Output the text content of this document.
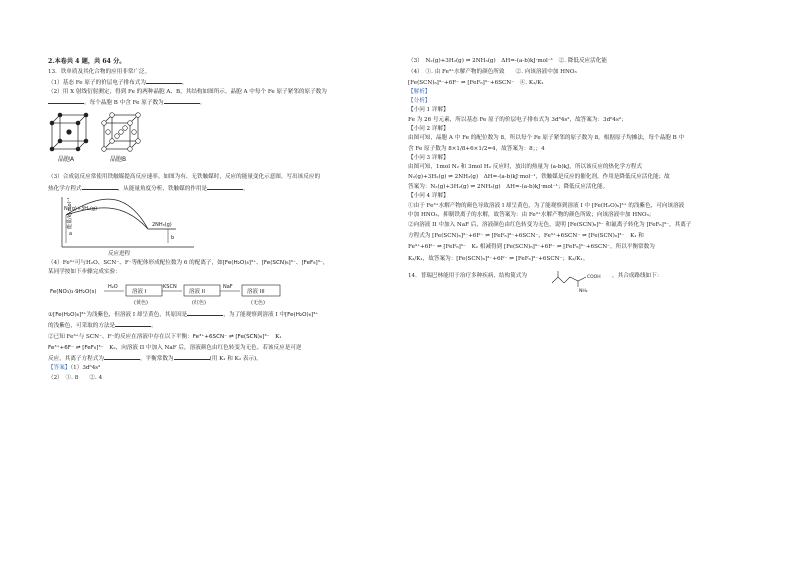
2.本卷共 4 题，共 64 分。

13．铁单质及其化合物的应用非常广泛。

（1）基态 Fe 原子的价层电子排布式为	。

（2）用 X 射线衍射测定，得到 Fe 的两种晶胞 A、B，其结构如图所示。晶胞 A 中每个 Fe 原子紧邻的原子数为

。每个晶胞 B 中含 Fe 原子数为	。

晶胞A	晶胞B

（3）合成氨反应常使用铁触媒提高反应速率。如图为有、无铁触媒时，反应的能量变化示意图。写出该反应的

热化学方程式	，从能量角度分析，铁触媒的作用是	。

能量/kJ·mol⁻¹
N₂(g)+3H₂(g)
2NH₃(g)
a
b
反应进程

（4）Fe³⁺可与H₂O、SCN⁻、F⁻等配体形成配位数为 6 的配离子，如[Fe(H₂O)₆]³⁺、[Fe(SCN)₆]³⁻、[FeF₆]³⁻，

某同学按如下步骤完成实验：

Fe(NO₃)₃·9H₂O(s)
H₂O
溶液 I
KSCN
溶液 II
NaF
溶液 III
(黄色)	(红色)	(无色)

①[Fe(H₂O)₆]³⁺为浅紫色，但溶液 I 却呈黄色，其原因是	，为了能观察到溶液 I 中[Fe(H₂O)₆]³⁺

的浅紫色，可采取的方法是	。

②已知 Fe³⁺与 SCN⁻、F⁻的反应在溶液中存在以下平衡：Fe³⁺+6SCN⁻ ⇌ [Fe(SCN)₆]³⁻　 K₁

Fe³⁺+6F⁻ ⇌ [FeF₆]³⁻　 K₂，向溶液 II 中加入 NaF 后，溶液颜色由红色转变为无色。若该反应是可逆

反应，其离子方程式为	，平衡常数为	(用 K₁ 和 K₂ 表示)。

【答案】（1）3d⁶4s²

（2）　①. 8　　②. 4

（3）　N₂(g)+3H₂(g) ⇌ 2NH₃(g)　ΔH=-(a-b)kJ·mol⁻¹　②. 降低反应活化能

（4）　①. 由 Fe³⁺水解产物的颜色所致　　②. 向该溶液中加 HNO₃

[Fe(SCN)₆]³⁻+6F⁻ ⇌ [FeF₆]³⁻+6SCN⁻　④. K₂/K₁

【解析】

【分析】

【小问 1 详解】

Fe 为 26 号元素，所以基态 Fe 原子的价层电子排布式为 3d⁶4s²，故答案为：3d⁶4s²；

【小问 2 详解】

由图可知，晶胞 A 中 Fe 的配位数为 8，所以每个 Fe 原子紧邻的原子数为 8。根据原子均摊法，每个晶胞 B 中

含 Fe 原子数为 8×1/8+6×1/2=4，故答案为：8；；4

【小问 3 详解】

由图可知，1mol N₂ 和 3mol H₂ 反应时，放出的热量为 (a-b)kJ，所以该反应的热化学方程式

N₂(g)+3H₂(g) ⇌ 2NH₃(g)　ΔH=-(a-b)kJ·mol⁻¹，铁触媒是反应的催化剂，作用是降低反应活化能；故

答案为：N₂(g)+3H₂(g) ⇌ 2NH₃(g)　ΔH=-(a-b)kJ·mol⁻¹；降低反应活化能。

【小问 4 详解】

①由于 Fe³⁺水解产物的颜色导致溶液 I 却呈黄色，为了能观察到溶液 I 中 [Fe(H₂O)₆]³⁺ 的浅紫色，可向该溶液

中加 HNO₃，抑制铁离子的水解，故答案为：由 Fe³⁺水解产物的颜色所致；向该溶液中加 HNO₃；

②向溶液 II 中加入 NaF 后，溶液颜色由红色转变为无色，说明 [Fe(SCN)₆]³⁻ 和氟离子转化为 [FeF₆]³⁻，其离子

方程式为 [Fe(SCN)₆]³⁻+6F⁻ ⇌ [FeF₆]³⁻+6SCN⁻，Fe³⁺+6SCN⁻ ⇌ [Fe(SCN)₆]³⁻　K₁ 和

Fe³⁺+6F⁻ ⇌ [FeF₆]³⁻　K₂ 相减得到 [Fe(SCN)₆]³⁻+6F⁻ ⇌ [FeF₆]³⁻+6SCN⁻，所以平衡常数为

K₂/K₁，故答案为：[Fe(SCN)₆]³⁻+6F⁻ ⇌ [FeF₆]³⁻+6SCN⁻；K₂/K₁。

14．普瑞巴林能用于治疗多种疾病，结构简式为	COOH
NH₂
，其合成路线如下：
